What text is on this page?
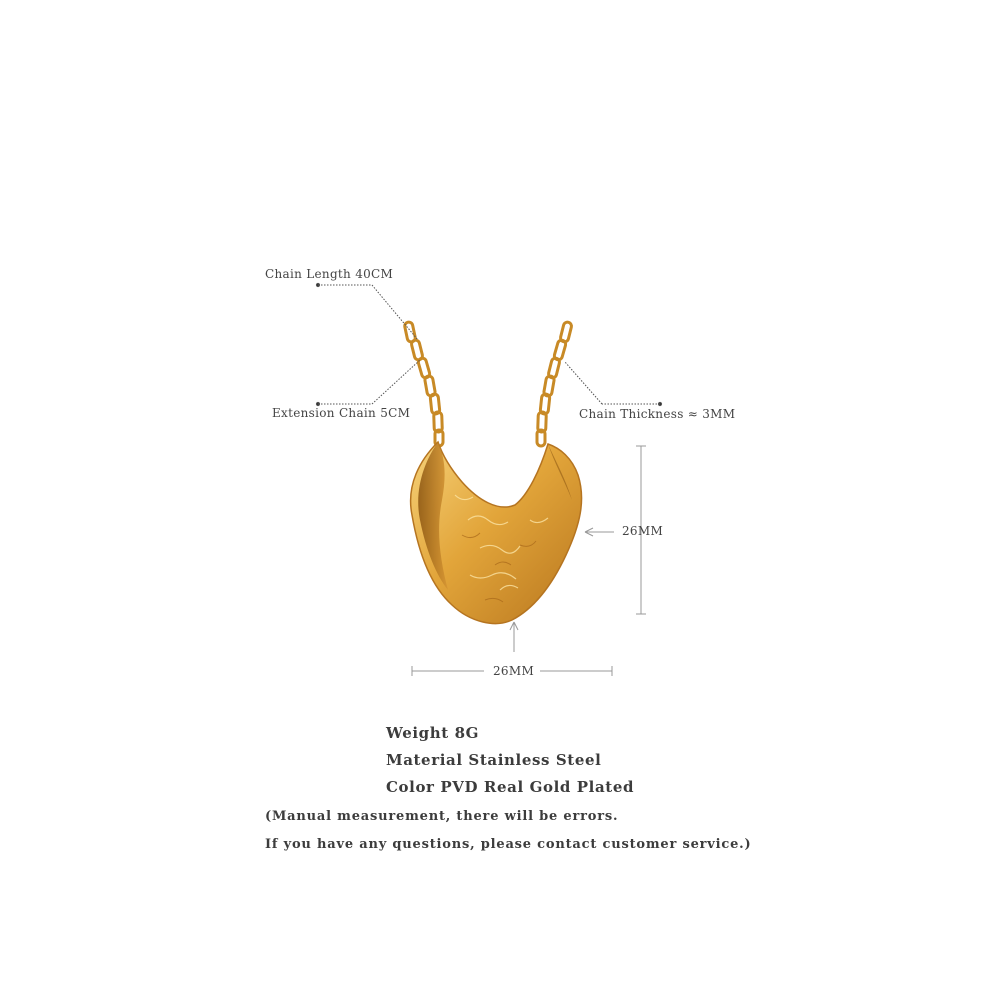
Chain Length 40CM
Extension Chain 5CM	Chain Thickness ≈ 3MM
26MM
26MM
Weight 8G
Material Stainless Steel
Color PVD Real Gold Plated
(Manual measurement, there will be errors.
If you have any questions, please contact customer service.)
